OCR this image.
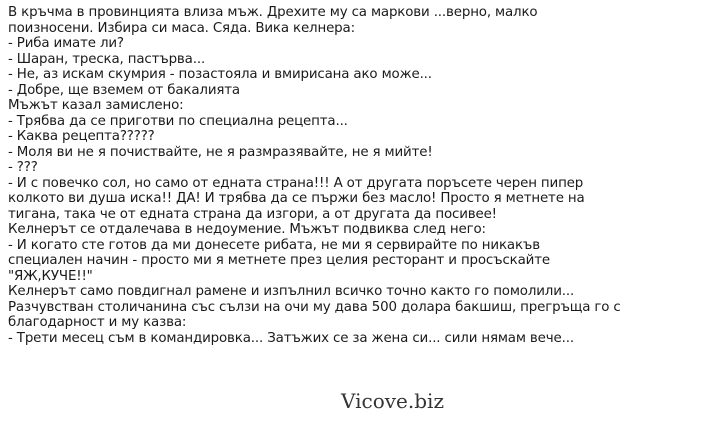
В кръчма в провинцията влиза мъж. Дрехите му са маркови ...верно, малко
поизносени. Избира си маса. Сяда. Вика келнера:
- Риба имате ли?
- Шаран, треска, пастърва...
- Не, аз искам скумрия - позастояла и вмирисана ако може...
- Добре, ще вземем от бакалията
Мъжът казал замислено:
- Трябва да се приготви по специална рецепта...
- Каква рецепта?????
- Моля ви не я почиствайте, не я размразявайте, не я мийте!
- ???
- И с повечко сол, но само от едната страна!!! А от другата поръсете черен пипер
колкото ви душа иска!! ДА! И трябва да се пържи без масло! Просто я метнете на
тигана, така че от едната страна да изгори, а от другата да посивее!
Келнерът се отдалечава в недоумение. Мъжът подвиква след него:
- И когато сте готов да ми донесете рибата, не ми я сервирайте по никакъв
специален начин - просто ми я метнете през целия ресторант и просъскайте
"ЯЖ,КУЧЕ!!"
Келнерът само повдигнал рамене и изпълнил всичко точно както го помолили...
Разчувстван столичанина със сълзи на очи му дава 500 долара бакшиш, прегръща го с
благодарност и му казва:
- Трети месец съм в командировка... Затъжих се за жена си... сили нямам вече...
Vicove.biz
